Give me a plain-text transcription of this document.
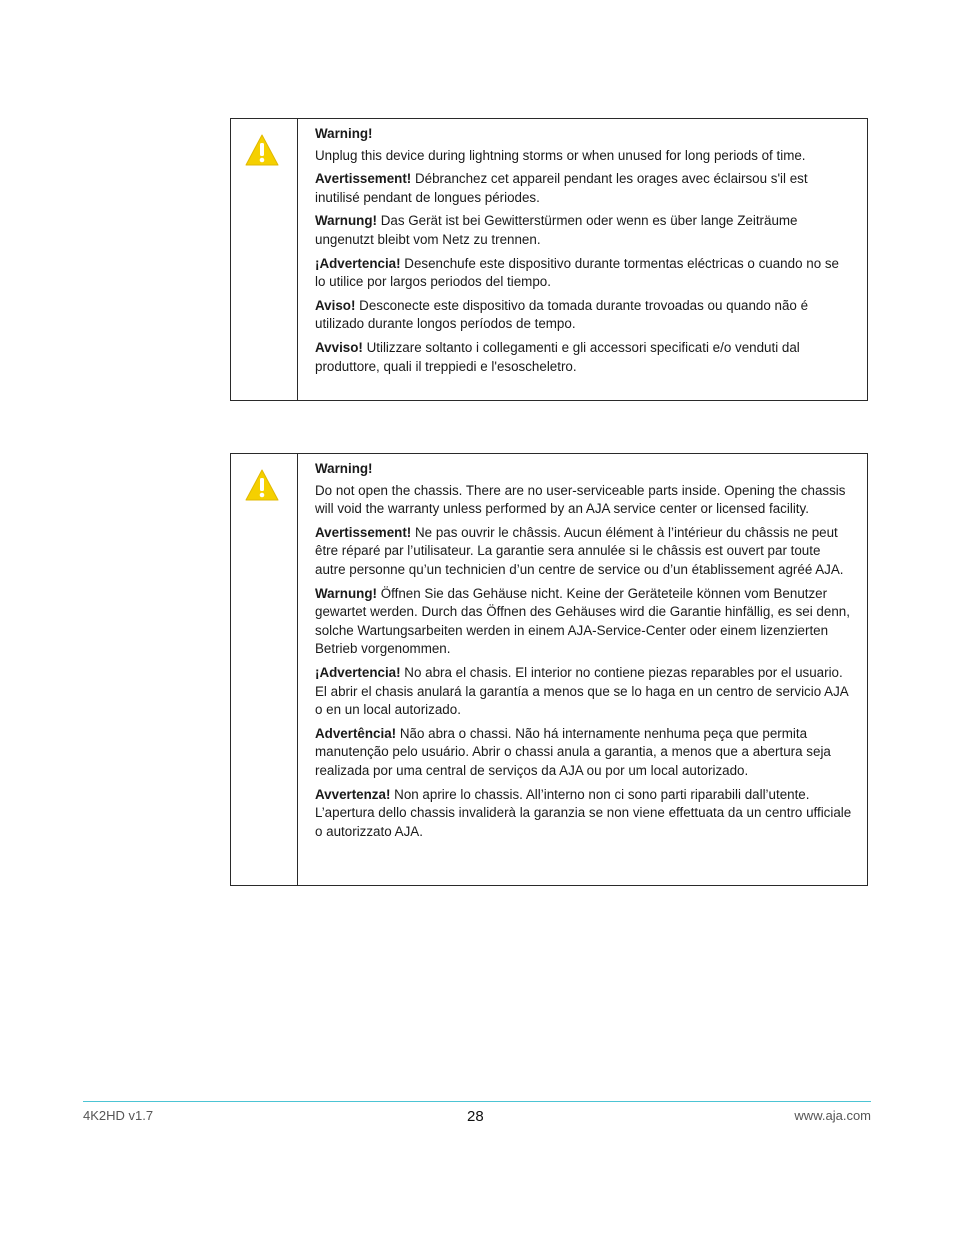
Warning!

Unplug this device during lightning storms or when unused for long periods of time.

Avertissement! Débranchez cet appareil pendant les orages avec éclairsou s'il est inutilisé pendant de longues périodes.

Warnung! Das Gerät ist bei Gewitterstürmen oder wenn es über lange Zeiträume ungenutzt bleibt vom Netz zu trennen.

¡Advertencia! Desenchufe este dispositivo durante tormentas eléctricas o cuando no se lo utilice por largos periodos del tiempo.

Aviso! Desconecte este dispositivo da tomada durante trovoadas ou quando não é utilizado durante longos períodos de tempo.

Avviso! Utilizzare soltanto i collegamenti e gli accessori specificati e/o venduti dal produttore, quali il treppiedi e l'esoscheletro.

Warning!

Do not open the chassis. There are no user-serviceable parts inside. Opening the chassis will void the warranty unless performed by an AJA service center or licensed facility.

Avertissement! Ne pas ouvrir le châssis. Aucun élément à l’intérieur du châssis ne peut être réparé par l’utilisateur. La garantie sera annulée si le châssis est ouvert par toute autre personne qu’un technicien d’un centre de service ou d’un établissement agréé AJA.

Warnung! Öffnen Sie das Gehäuse nicht. Keine der Geräteteile können vom Benutzer gewartet werden. Durch das Öffnen des Gehäuses wird die Garantie hinfällig, es sei denn, solche Wartungsarbeiten werden in einem AJA-Service-Center oder einem lizenzierten Betrieb vorgenommen.

¡Advertencia! No abra el chasis. El interior no contiene piezas reparables por el usuario. El abrir el chasis anulará la garantía a menos que se lo haga en un centro de servicio AJA o en un local autorizado.

Advertência! Não abra o chassi. Não há internamente nenhuma peça que permita manutenção pelo usuário. Abrir o chassi anula a garantia, a menos que a abertura seja realizada por uma central de serviços da AJA ou por um local autorizado.

Avvertenza! Non aprire lo chassis. All’interno non ci sono parti riparabili dall’utente. L’apertura dello chassis invaliderà la garanzia se non viene effettuata da un centro ufficiale o autorizzato AJA.

4K2HD v1.7	28	www.aja.com
